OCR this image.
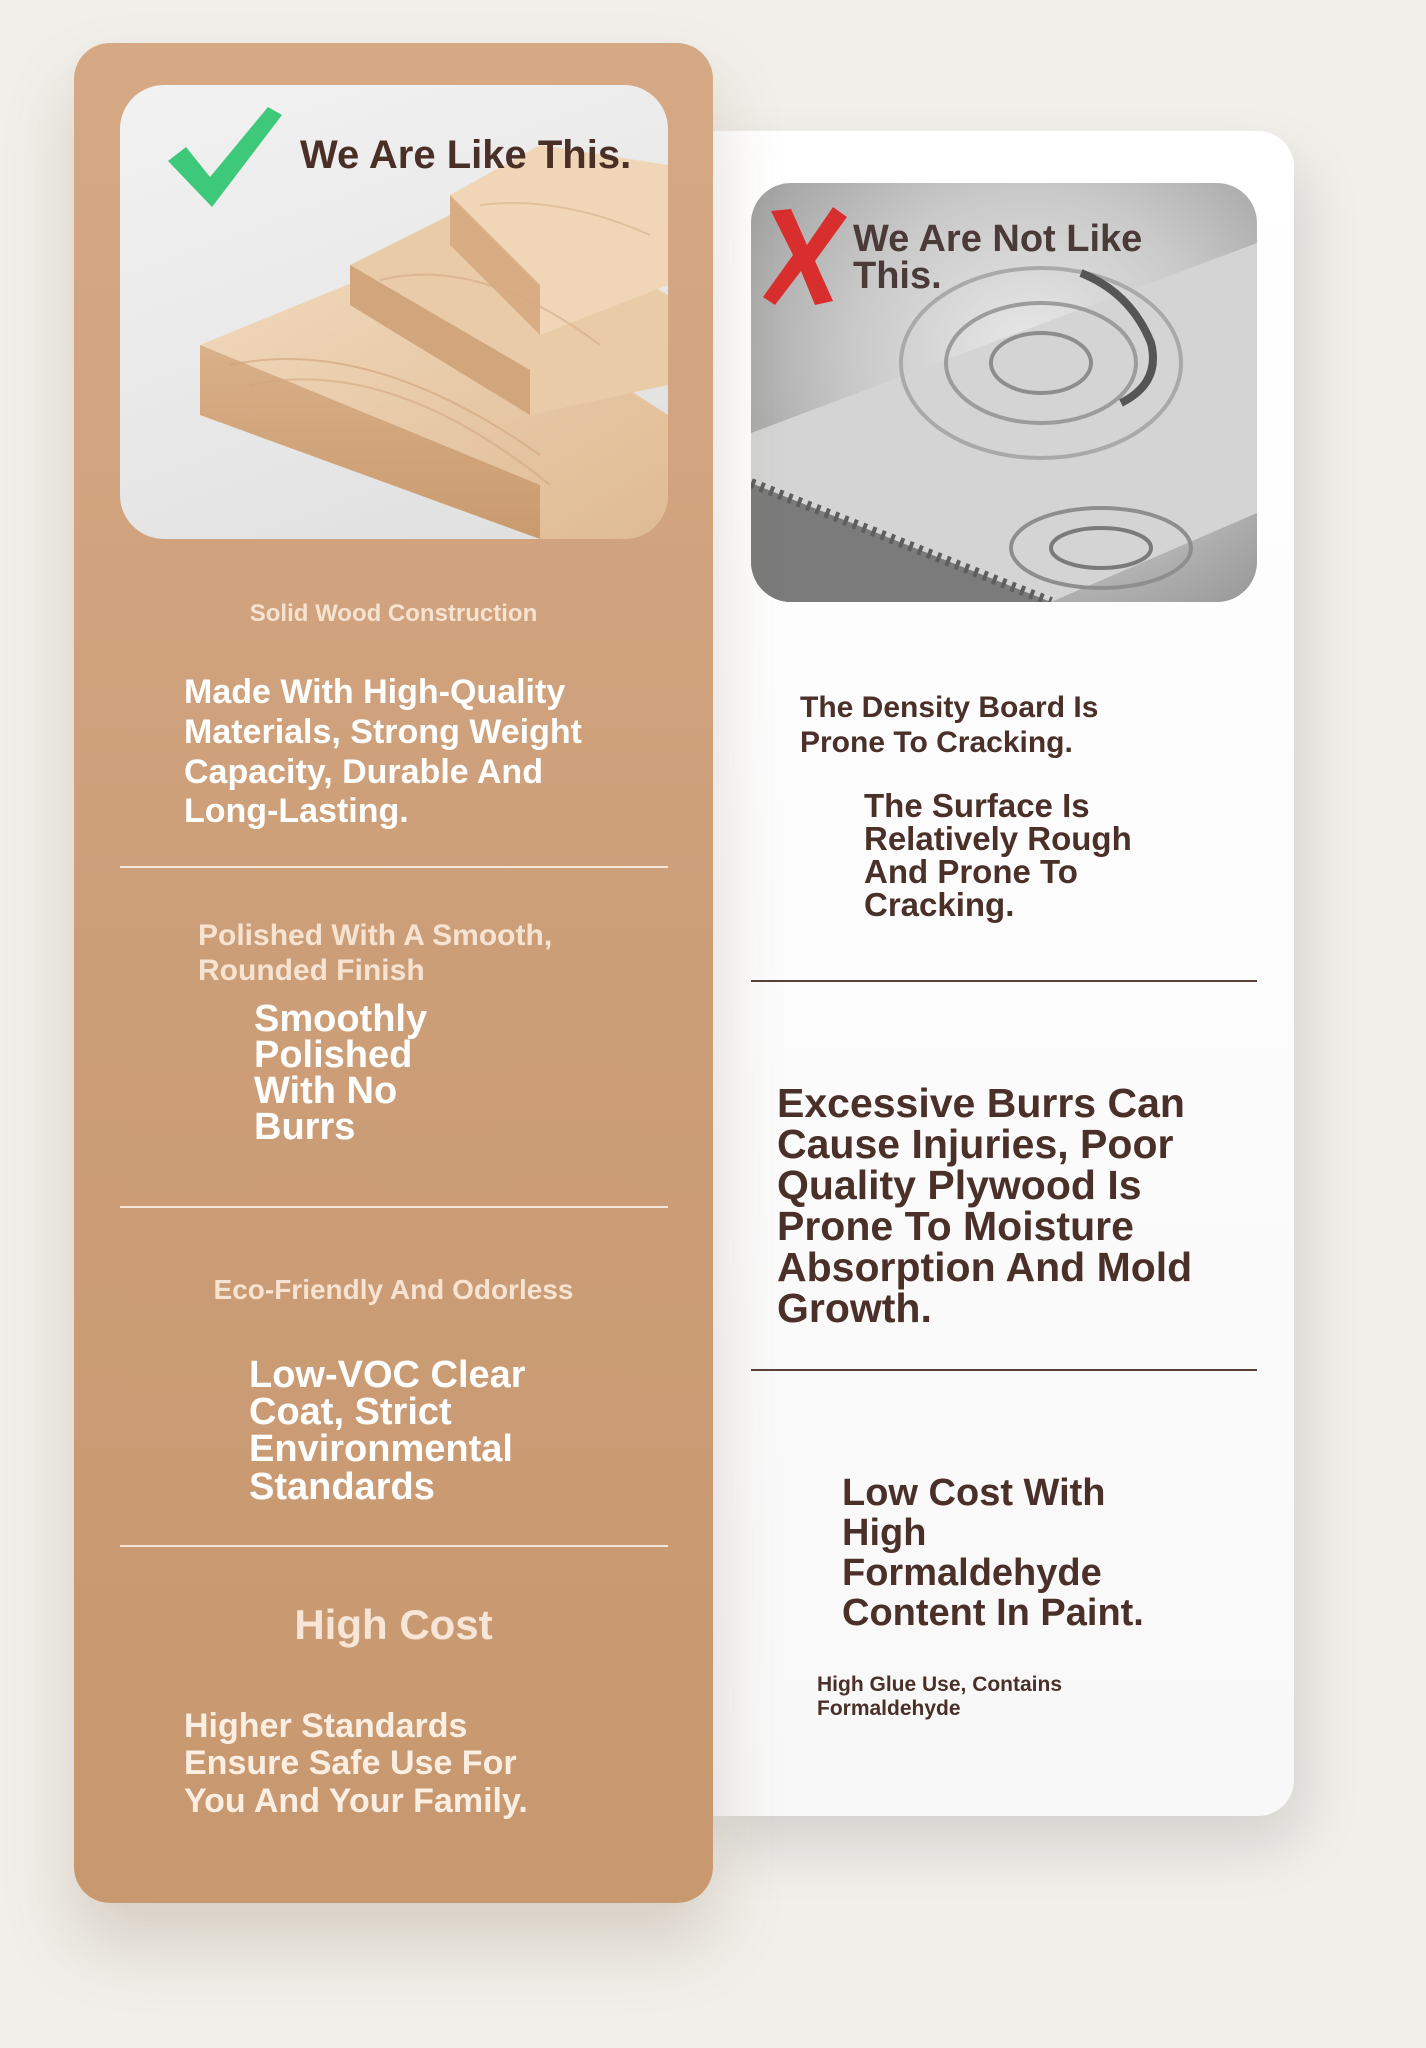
We Are Like This.
Solid Wood Construction
Made With High-Quality Materials, Strong Weight Capacity, Durable And Long-Lasting.
Polished With A Smooth, Rounded Finish
Smoothly Polished With No Burrs
Eco-Friendly And Odorless
Low-VOC Clear Coat, Strict Environmental Standards
High Cost
Higher Standards Ensure Safe Use For You And Your Family.
We Are Not Like This.
The Density Board Is Prone To Cracking.
The Surface Is Relatively Rough And Prone To Cracking.
Excessive Burrs Can Cause Injuries, Poor Quality Plywood Is Prone To Moisture Absorption And Mold Growth.
Low Cost With High Formaldehyde Content In Paint.
High Glue Use, Contains Formaldehyde
